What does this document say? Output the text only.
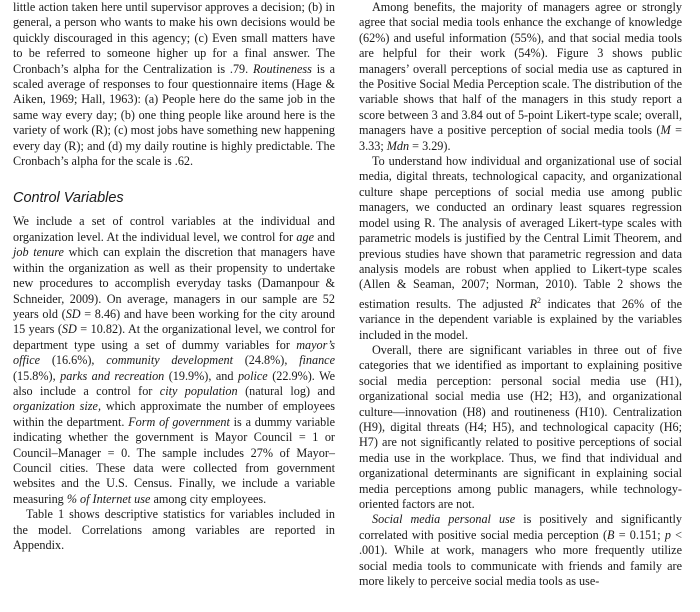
little action taken here until supervisor approves a decision; (b) in general, a person who wants to make his own decisions would be quickly discouraged in this agency; (c) Even small matters have to be referred to someone higher up for a final answer. The Cronbach’s alpha for the Centralization is .79. Routineness is a scaled average of responses to four questionnaire items (Hage & Aiken, 1969; Hall, 1963): (a) People here do the same job in the same way every day; (b) one thing people like around here is the variety of work (R); (c) most jobs have something new happening every day (R); and (d) my daily routine is highly predictable. The Cronbach’s alpha for the scale is .62.

Control Variables

We include a set of control variables at the individual and organization level. At the individual level, we control for age and job tenure which can explain the discretion that managers have within the organization as well as their propensity to undertake new procedures to accomplish everyday tasks (Damanpour & Schneider, 2009). On average, managers in our sample are 52 years old (SD = 8.46) and have been working for the city around 15 years (SD = 10.82). At the organizational level, we control for department type using a set of dummy variables for mayor’s office (16.6%), community development (24.8%), finance (15.8%), parks and recreation (19.9%), and police (22.9%). We also include a control for city population (natural log) and organization size, which approximate the number of employees within the department. Form of government is a dummy variable indicating whether the government is Mayor Council = 1 or Council–Manager = 0. The sample includes 27% of Mayor–Council cities. These data were collected from government websites and the U.S. Census. Finally, we include a variable measuring % of Internet use among city employees.

Table 1 shows descriptive statistics for variables included in the model. Correlations among variables are reported in Appendix.

Among benefits, the majority of managers agree or strongly agree that social media tools enhance the exchange of knowledge (62%) and useful information (55%), and that social media tools are helpful for their work (54%). Figure 3 shows public managers’ overall perceptions of social media use as captured in the Positive Social Media Perception scale. The distribution of the variable shows that half of the managers in this study report a score between 3 and 3.84 out of 5-point Likert-type scale; overall, managers have a positive perception of social media tools (M = 3.33; Mdn = 3.29).

To understand how individual and organizational use of social media, digital threats, technological capacity, and organizational culture shape perceptions of social media use among public managers, we conducted an ordinary least squares regression model using R. The analysis of averaged Likert-type scales with parametric models is justified by the Central Limit Theorem, and previous studies have shown that parametric regression and data analysis models are robust when applied to Likert-type scales (Allen & Seaman, 2007; Norman, 2010). Table 2 shows the estimation results. The adjusted $R^2$ indicates that 26% of the variance in the dependent variable is explained by the variables included in the model.

Overall, there are significant variables in three out of five categories that we identified as important to explaining positive social media perception: personal social media use (H1), organizational social media use (H2; H3), and organizational culture—innovation (H8) and routineness (H10). Centralization (H9), digital threats (H4; H5), and technological capacity (H6; H7) are not significantly related to positive perceptions of social media use in the workplace. Thus, we find that individual and organizational determinants are significant in explaining social media perceptions among public managers, while technology-oriented factors are not.

Social media personal use is positively and significantly correlated with positive social media perception (B = 0.151; p < .001). While at work, managers who more frequently utilize social media tools to communicate with friends and family are more likely to perceive social media tools as use-
